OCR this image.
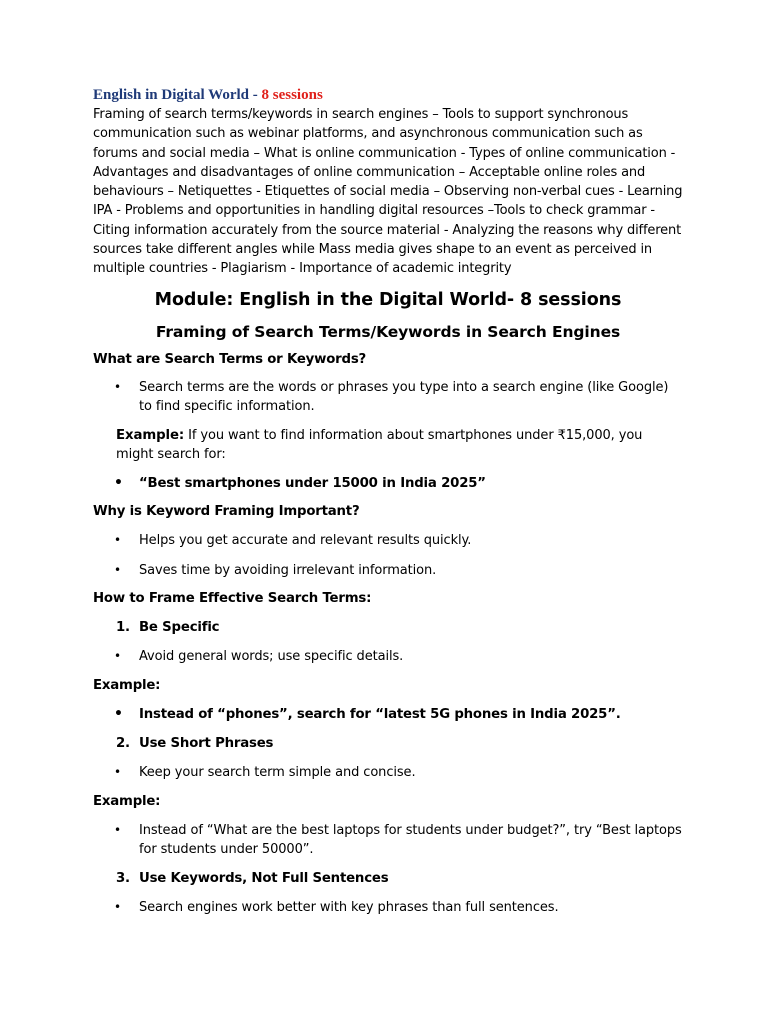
English in Digital World - 8 sessions

Framing of search terms/keywords in search engines – Tools to support synchronous communication such as webinar platforms, and asynchronous communication such as forums and social media – What is online communication - Types of online communication - Advantages and disadvantages of online communication – Acceptable online roles and behaviours – Netiquettes - Etiquettes of social media – Observing non-verbal cues - Learning IPA - Problems and opportunities in handling digital resources –Tools to check grammar - Citing information accurately from the source material - Analyzing the reasons why different sources take different angles while Mass media gives shape to an event as perceived in multiple countries - Plagiarism - Importance of academic integrity

Module: English in the Digital World- 8 sessions
Framing of Search Terms/Keywords in Search Engines

What are Search Terms or Keywords?

• Search terms are the words or phrases you type into a search engine (like Google) to find specific information.

Example: If you want to find information about smartphones under ₹15,000, you might search for:

• “Best smartphones under 15000 in India 2025”

Why is Keyword Framing Important?

• Helps you get accurate and relevant results quickly.

• Saves time by avoiding irrelevant information.

How to Frame Effective Search Terms:

1. Be Specific

• Avoid general words; use specific details.

Example:

• Instead of “phones”, search for “latest 5G phones in India 2025”.

2. Use Short Phrases

• Keep your search term simple and concise.

Example:

• Instead of “What are the best laptops for students under budget?”, try “Best laptops for students under 50000”.

3. Use Keywords, Not Full Sentences

• Search engines work better with key phrases than full sentences.
